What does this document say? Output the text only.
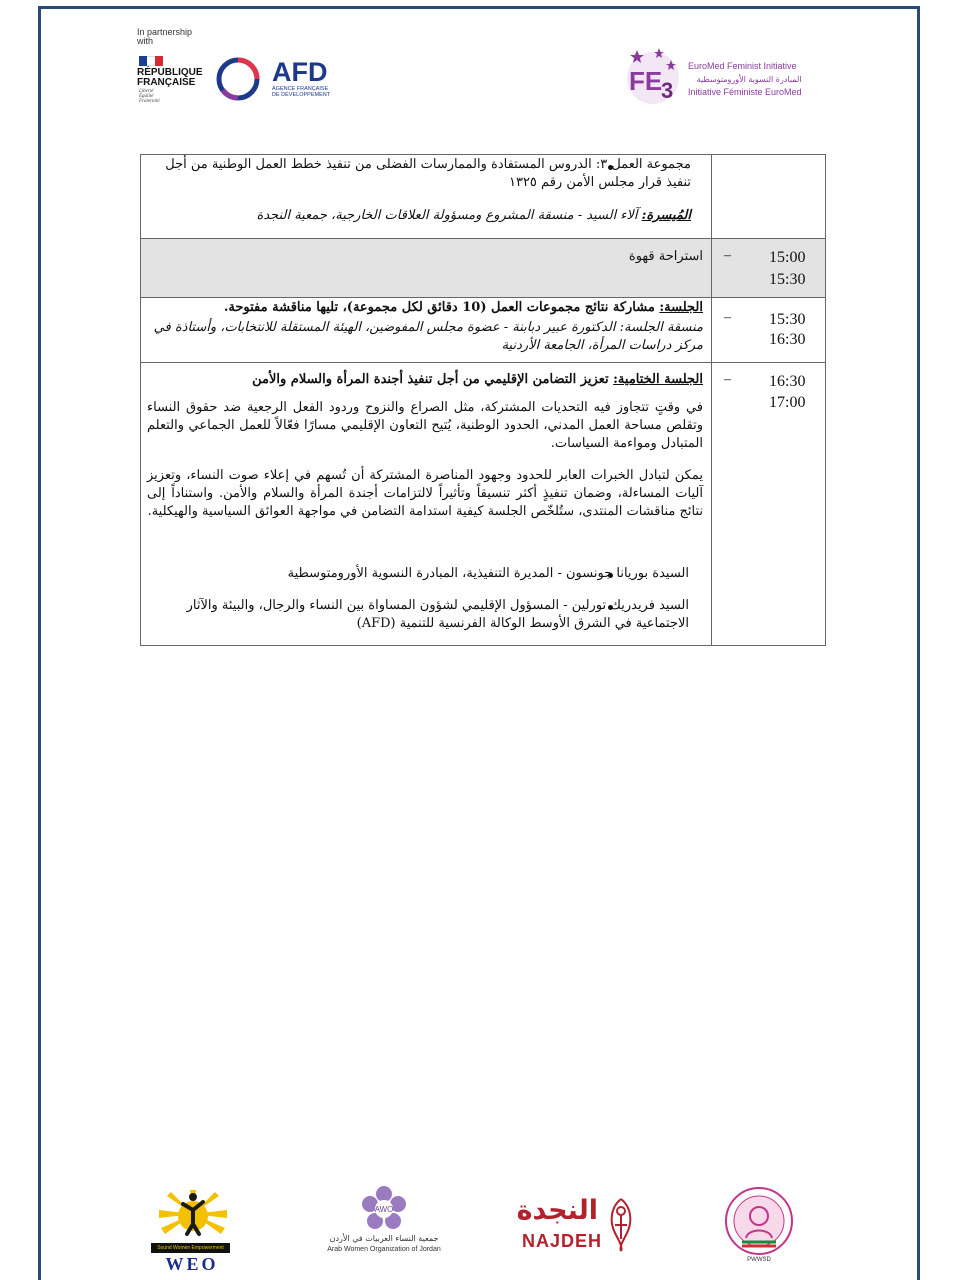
In partnership with
RÉPUBLIQUE
FRANÇAISE
Liberté
Égalité
Fraternité
AFD
AGENCE FRANÇAISE
DE DÉVELOPPEMENT	FE
3
EuroMed Feminist Initiative
المبادرة النسوية الأورومتوسطية
Initiative Féministe EuroMed
مجموعة العمل ٣: الدروس المستفادة والممارسات الفضلى من تنفيذ خطط العمل الوطنية من أجل تنفيذ قرار مجلس الأمن رقم ١٣٢٥
المُيسرة: آلاء السيد - منسقة المشروع ومسؤولة العلاقات الخارجية، جمعية النجدة
15:00
15:30
–
استراحة قهوة
15:30
16:30
–
الجلسة: مشاركة نتائج مجموعات العمل (10 دقائق لكل مجموعة)، تليها مناقشة مفتوحة.
منسقة الجلسة: الدكتورة عبير دبابنة - عضوة مجلس المفوضين، الهيئة المستقلة للانتخابات، وأستاذة في مركز دراسات المرأة، الجامعة الأردنية
16:30
17:00
–
الجلسة الختامية: تعزيز التضامن الإقليمي من أجل تنفيذ أجندة المرأة والسلام والأمن
في وقتٍ تتجاوز فيه التحديات المشتركة، مثل الصراع والنزوح وردود الفعل الرجعية ضد حقوق النساء وتقلص مساحة العمل المدني، الحدود الوطنية، يُتيح التعاون الإقليمي مسارًا فعّالاً للعمل الجماعي والتعلم المتبادل ومواءمة السياسات.
يمكن لتبادل الخبرات العابر للحدود وجهود المناصرة المشتركة أن تُسهم في إعلاء صوت النساء، وتعزيز آليات المساءلة، وضمان تنفيذٍ أكثر تنسيقاً وتأثيراً لالتزامات أجندة المرأة والسلام والأمن. واستناداً إلى نتائج مناقشات المنتدى، ستُلخّص الجلسة كيفية استدامة التضامن في مواجهة العوائق السياسية والهيكلية.
السيدة بوريانا جونسون - المديرة التنفيذية، المبادرة النسوية الأورومتوسطية
السيد فريدريك تورلين - المسؤول الإقليمي لشؤون المساواة بين النساء والرجال، والبيئة والآثار الاجتماعية في الشرق الأوسط الوكالة الفرنسية للتنمية (AFD)
Sound Women Empowerment
WEO
AWO
جمعية النساء العربيات في الأردن
Arab Women Organization of Jordan
النجدة
NAJDEH
PWWSD
